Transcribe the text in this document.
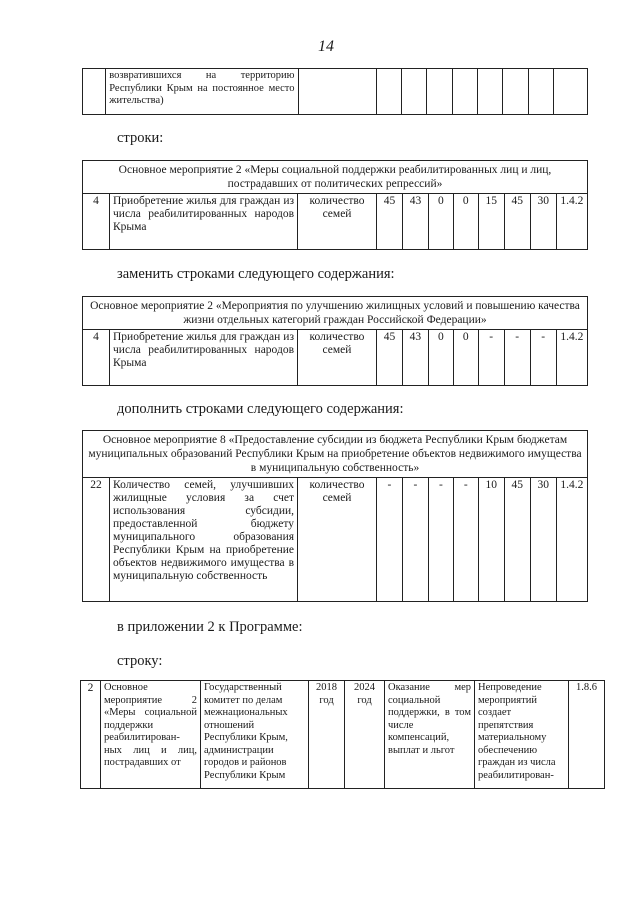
14
	возвратившихся на территорию Республики Крым на постоянное место жительства)									
строки:
Основное мероприятие 2 «Меры социальной поддержки реабилитированных лиц и лиц, пострадавших от политических репрессий»
4	Приобретение жилья для граждан из числа реабилитированных народов Крыма	количество семей	45	43	0	0	15	45	30	1.4.2
заменить строками следующего содержания:
Основное мероприятие 2 «Мероприятия по улучшению жилищных условий и повышению качества жизни отдельных категорий граждан Российской Федерации»
4	Приобретение жилья для граждан из числа реабилитированных народов Крыма	количество семей	45	43	0	0	-	-	-	1.4.2
дополнить строками следующего содержания:
Основное мероприятие 8 «Предоставление субсидии из бюджета Республики Крым бюджетам муниципальных образований Республики Крым на приобретение объектов недвижимого имущества в муниципальную собственность»
22	Количество семей, улучшивших жилищные условия за счет использования субсидии, предоставленной бюджету муниципального образования Республики Крым на приобретение объектов недвижимого имущества в муниципальную собственность	количество семей	-	-	-	-	10	45	30	1.4.2
в приложении 2 к Программе:
строку:
2	Основное мероприятие 2 «Меры социальной поддержки реабилитирован-ных лиц и лиц, пострадавших от	Государственный комитет по делам межнациональных отношений Республики Крым, администрации городов и районов Республики Крым	2018 год	2024 год	Оказание мер социальной поддержки, в том числе компенсаций, выплат и льгот	Непроведение мероприятий создает препятствия материальному обеспечению граждан из числа реабилитирован-	1.8.6
